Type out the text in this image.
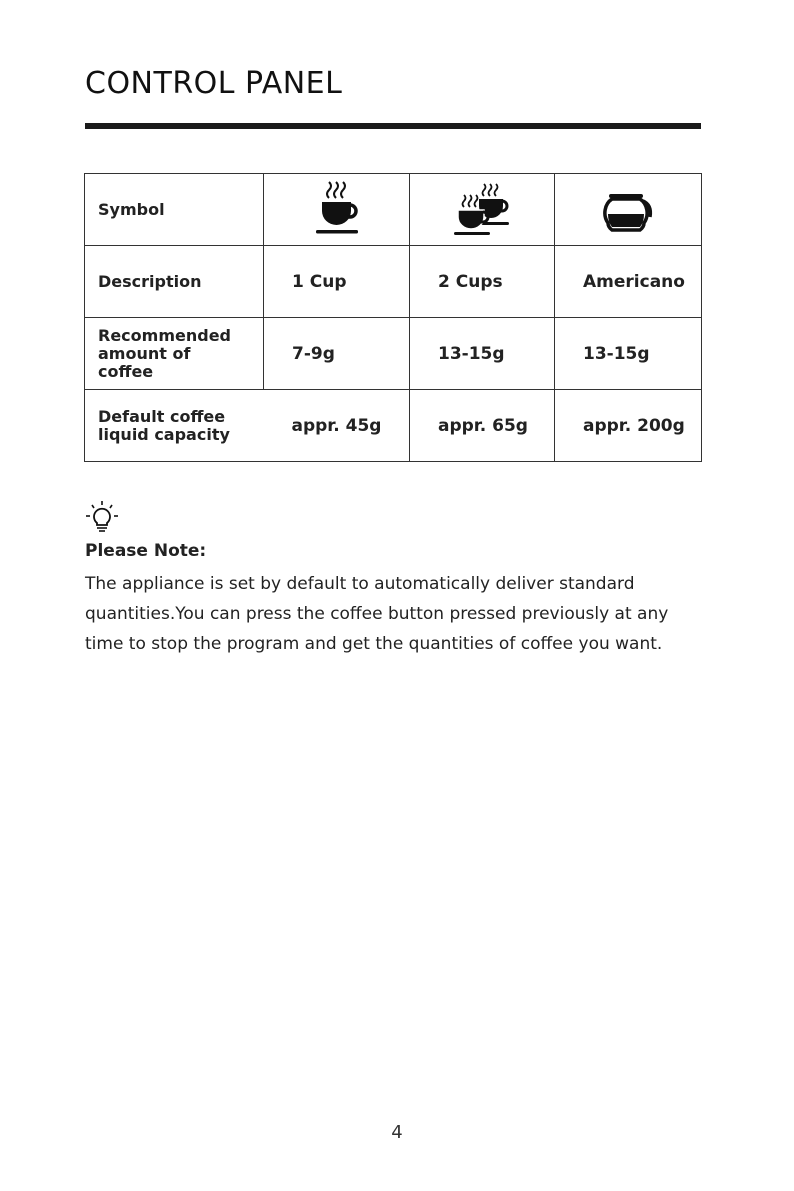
CONTROL PANEL
Symbol			
Description	1 Cup	2 Cups	Americano

Recommended
amount of coffee	7-9g	13-15g	13-15g

Default coffee
liquid capacity	appr. 45g	appr. 65g	appr. 200g

Please Note:

The appliance is set by default to automatically deliver standard quantities.You can press the coffee button pressed previously at any time to stop the program and get the quantities of coffee you want.

4
